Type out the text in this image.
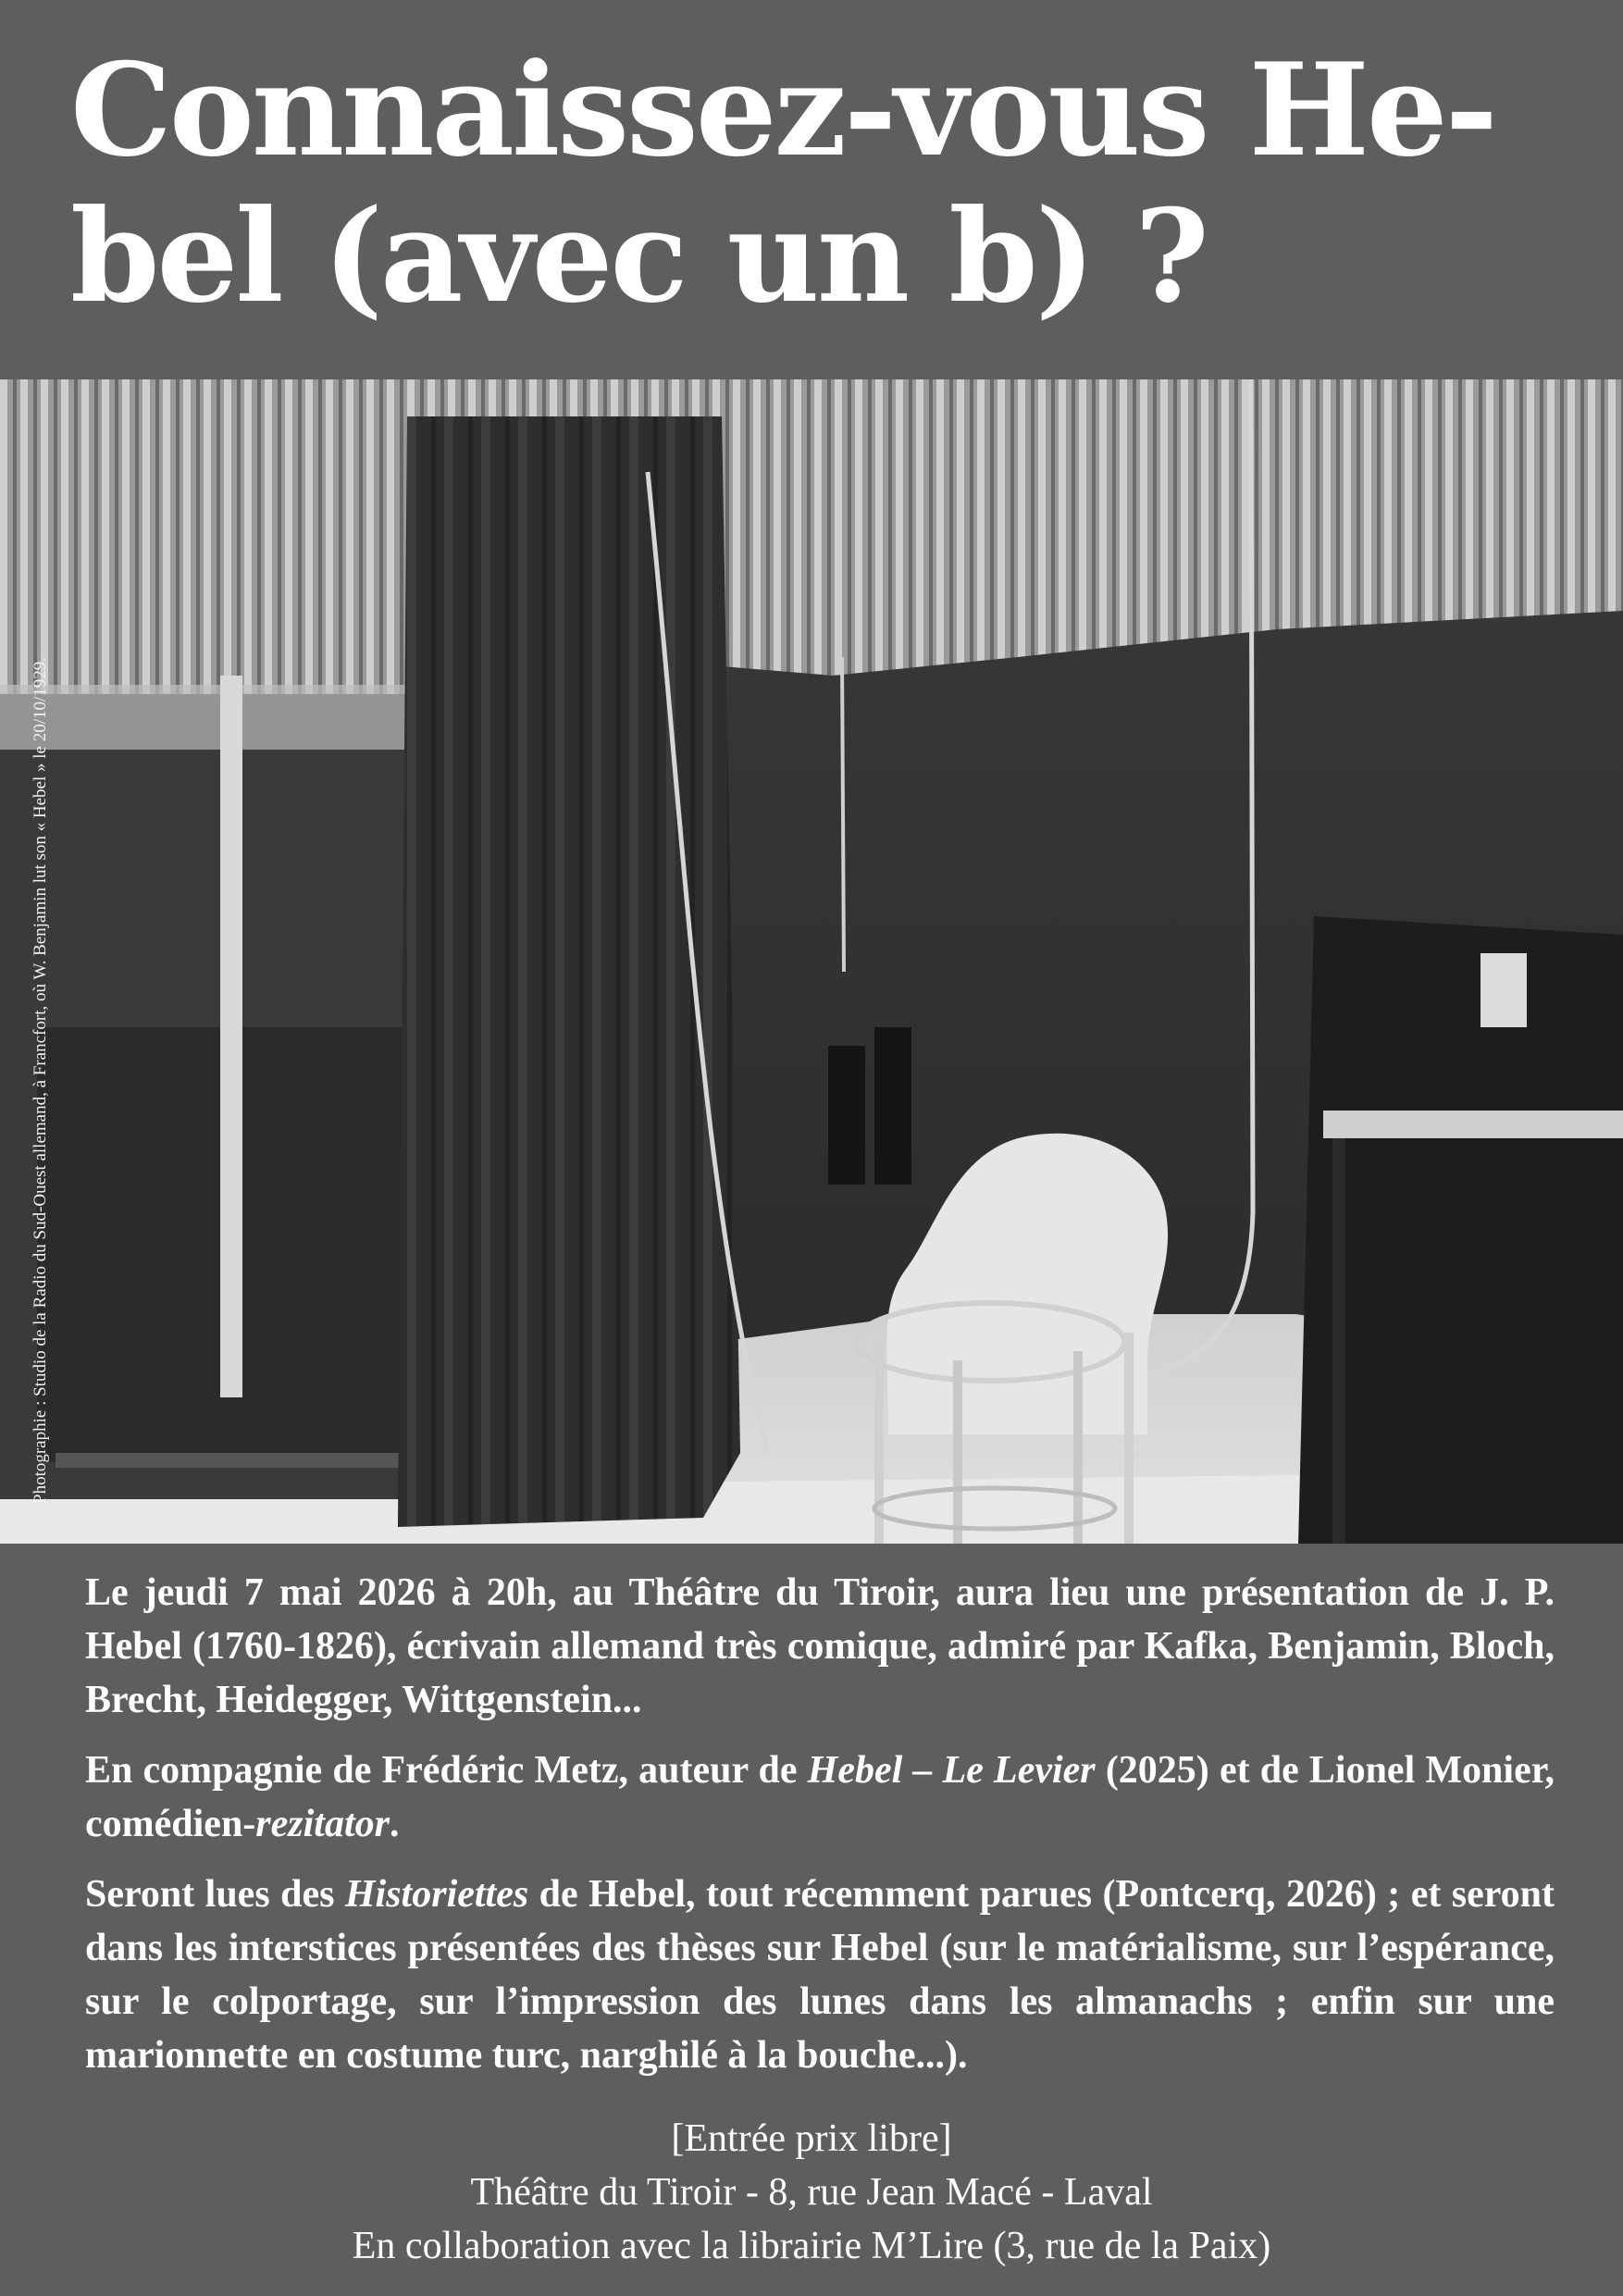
Connaissez-vous He-
bel (avec un b) ?
Photographie : Studio de la Radio du Sud-Ouest allemand, à Francfort, où W. Benjamin lut son « Hebel » le 20/10/1929.

Le jeudi 7 mai 2026 à 20h, au Théâtre du Tiroir, aura lieu une présentation de J. P. Hebel (1760-1826), écrivain allemand très comique, admiré par Kafka, Benjamin, Bloch, Brecht, Heidegger, Wittgenstein...

En compagnie de Frédéric Metz, auteur de Hebel – Le Levier (2025) et de Lionel Monier, comédien-rezitator.

Seront lues des Historiettes de Hebel, tout récemment parues (Pontcerq, 2026) ; et seront dans les interstices présentées des thèses sur Hebel (sur le matérialisme, sur l’espérance, sur le colportage, sur l’impression des lunes dans les almanachs ; enfin sur une marionnette en costume turc, narghilé à la bouche...).

[Entrée prix libre]
Théâtre du Tiroir - 8, rue Jean Macé - Laval
En collaboration avec la librairie M’Lire (3, rue de la Paix)
